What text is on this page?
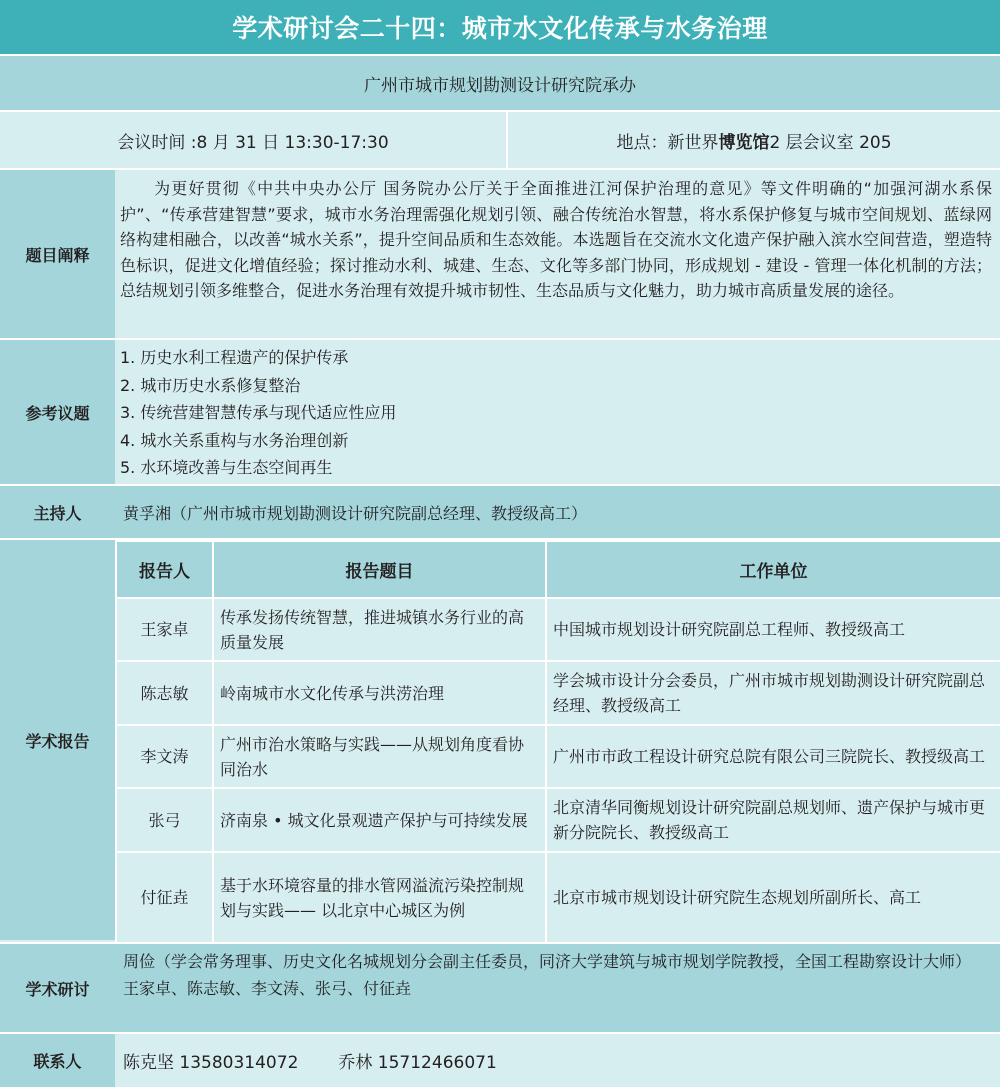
学术研讨会二十四：城市水文化传承与水务治理
广州市城市规划勘测设计研究院承办
会议时间 :8 月 31 日 13:30-17:30	地点：新世界 博览馆 2 层会议室 205
题目阐释
为更好贯彻《中共中央办公厅 国务院办公厅关于全面推进江河保护治理的意见》等文件明确的“加强河湖水系保护”、“传承营建智慧”要求，城市水务治理需强化规划引领、融合传统治水智慧，将水系保护修复与城市空间规划、蓝绿网络构建相融合，以改善“城水关系”，提升空间品质和生态效能。本选题旨在交流水文化遗产保护融入滨水空间营造，塑造特色标识，促进文化增值经验；探讨推动水利、城建、生态、文化等多部门协同，形成规划 - 建设 - 管理一体化机制的方法；总结规划引领多维整合，促进水务治理有效提升城市韧性、生态品质与文化魅力，助力城市高质量发展的途径。
参考议题
1. 历史水利工程遗产的保护传承
2. 城市历史水系修复整治
3. 传统营建智慧传承与现代适应性应用
4. 城水关系重构与水务治理创新
5. 水环境改善与生态空间再生
主持人	黄孚湘（广州市城市规划勘测设计研究院副总经理、教授级高工）
学术报告
报告人	报告题目	工作单位
王家卓	传承发扬传统智慧，推进城镇水务行业的高质量发展	中国城市规划设计研究院副总工程师、教授级高工
陈志敏	岭南城市水文化传承与洪涝治理	学会城市设计分会委员，广州市城市规划勘测设计研究院副总经理、教授级高工
李文涛	广州市治水策略与实践——从规划角度看协同治水	广州市市政工程设计研究总院有限公司三院院长、教授级高工
张弓	济南泉 • 城文化景观遗产保护与可持续发展	北京清华同衡规划设计研究院副总规划师、遗产保护与城市更新分院院长、教授级高工
付征垚	基于水环境容量的排水管网溢流污染控制规划与实践—— 以北京中心城区为例	北京市城市规划设计研究院生态规划所副所长、高工
学术研讨
周俭（学会常务理事、历史文化名城规划分会副主任委员，同济大学建筑与城市规划学院教授，全国工程勘察设计大师）
王家卓、陈志敏、李文涛、张弓、付征垚
联系人	陈克坚 13580314072 乔林 15712466071
